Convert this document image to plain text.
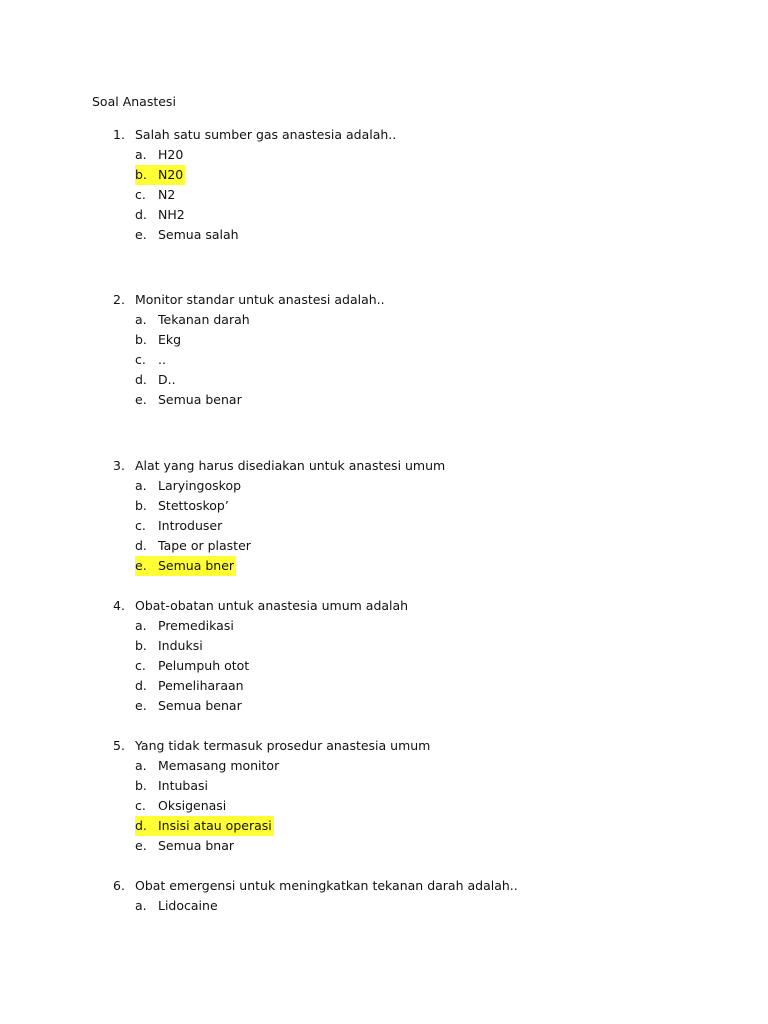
Soal Anastesi
1. Salah satu sumber gas anastesia adalah..
a. H20
b. N20
c. N2
d. NH2
e. Semua salah
2. Monitor standar untuk anastesi adalah..
a. Tekanan darah
b. Ekg
c. ..
d. D..
e. Semua benar
3. Alat yang harus disediakan untuk anastesi umum
a. Laryingoskop
b. Stettoskop’
c. Introduser
d. Tape or plaster
e. Semua bner
4. Obat-obatan untuk anastesia umum adalah
a. Premedikasi
b. Induksi
c. Pelumpuh otot
d. Pemeliharaan
e. Semua benar
5. Yang tidak termasuk prosedur anastesia umum
a. Memasang monitor
b. Intubasi
c. Oksigenasi
d. Insisi atau operasi
e. Semua bnar
6. Obat emergensi untuk meningkatkan tekanan darah adalah..
a. Lidocaine
